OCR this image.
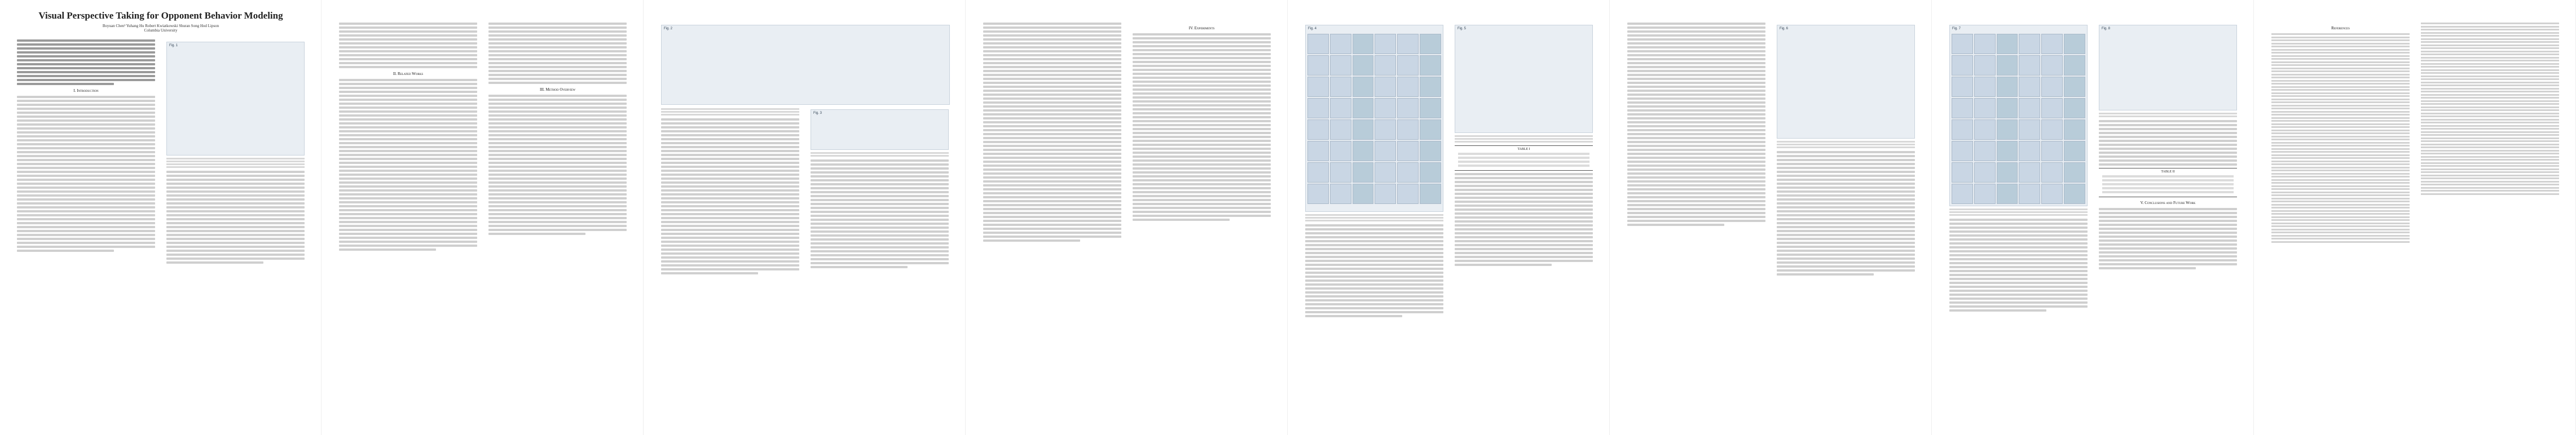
Visual Perspective Taking for Opponent Behavior Modeling
Boyuan Chen¹ Yuhang Hu Robert Kwiatkowski Shuran Song Hod Lipson
Columbia University
I. Introduction
Fig. 1
II. Related Works
III. Method Overview
Fig. 2
Fig. 3
IV. Experiments	Fig. 4	Fig. 5
TABLE I
Fig. 6	Fig. 7	Fig. 8
TABLE II
V. Conclusions and Future Work
References
